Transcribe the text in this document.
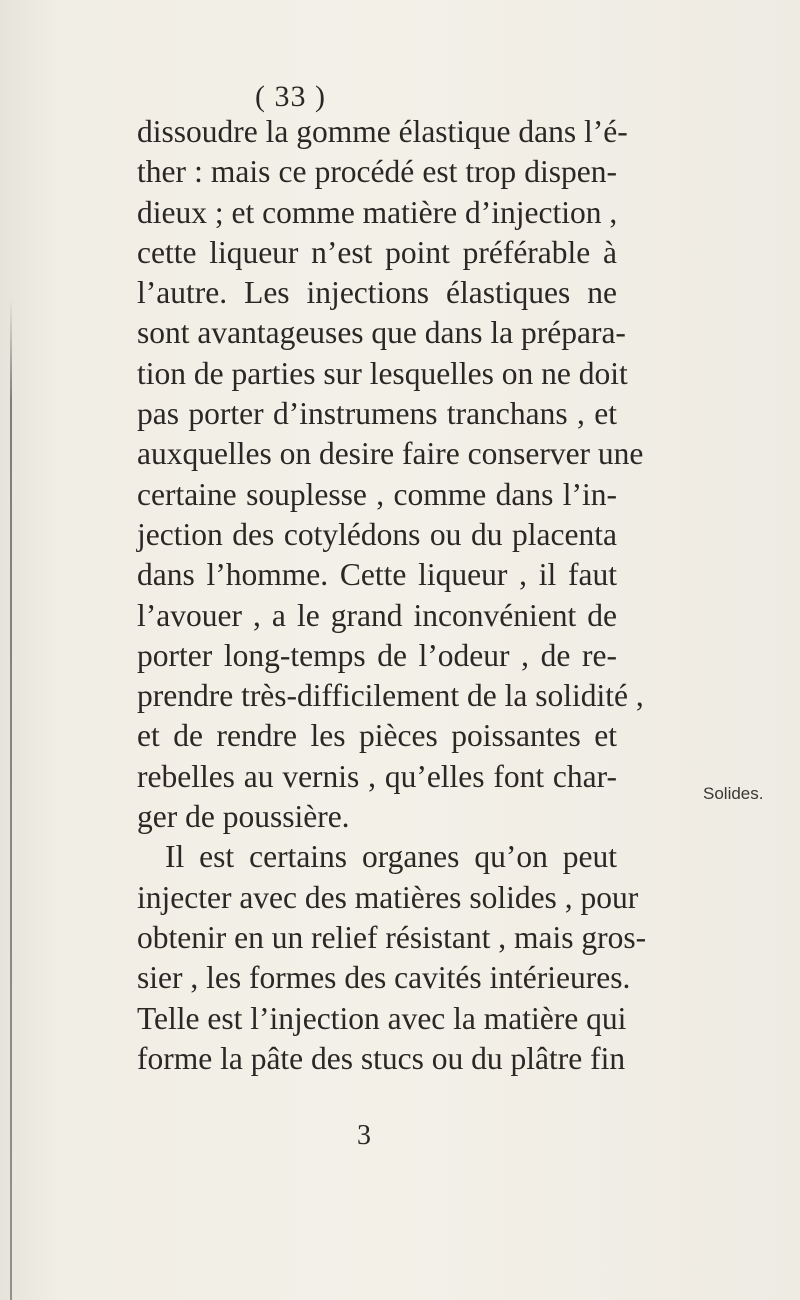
( 33 )
dissoudre la gomme élastique dans l’é-
ther : mais ce procédé est trop dispen-
dieux ; et comme matière d’injection ,
cette liqueur n’est point préférable à
l’autre. Les injections élastiques ne
sont avantageuses que dans la prépara-
tion de parties sur lesquelles on ne doit
pas porter d’instrumens tranchans , et
auxquelles on desire faire conserver une
certaine souplesse , comme dans l’in-
jection des cotylédons ou du placenta
dans l’homme. Cette liqueur , il faut
l’avouer , a le grand inconvénient de
porter long-temps de l’odeur , de re-
prendre très-difficilement de la solidité ,
et de rendre les pièces poissantes et
rebelles au vernis , qu’elles font char-
ger de poussière.
Il est certains organes qu’on peut
injecter avec des matières solides , pour
obtenir en un relief résistant , mais gros-
sier , les formes des cavités intérieures.
Telle est l’injection avec la matière qui
forme la pâte des stucs ou du plâtre fin
Solides.
3
